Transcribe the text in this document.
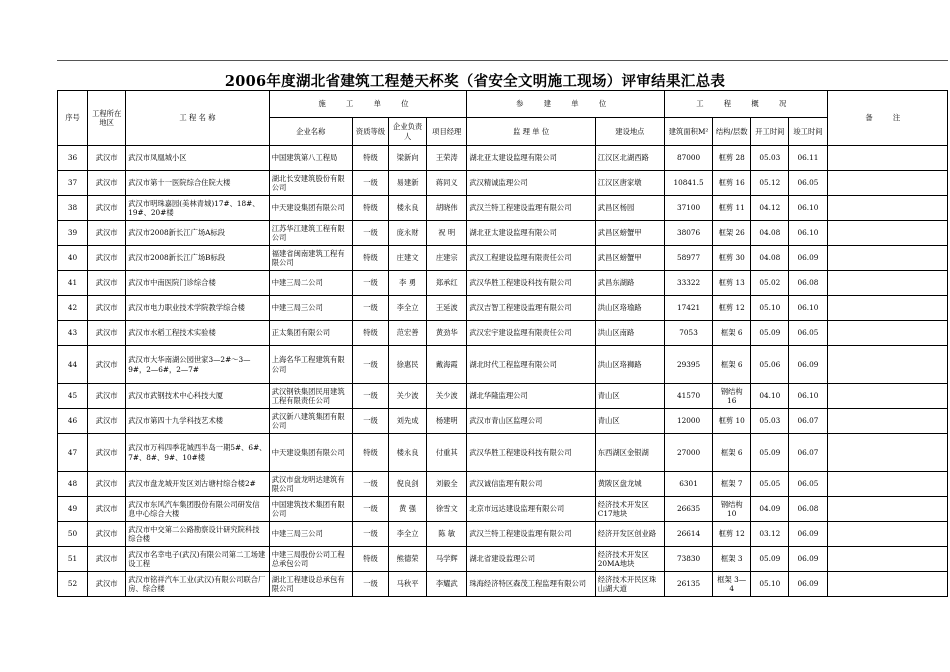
2006年度湖北省建筑工程楚天杯奖（省安全文明施工现场）评审结果汇总表
序号	工程所在地区	工 程 名 称	施 工 单 位				参 建 单 位		工 程 概 况				备 注
			企业名称	资质等级	企业负责人	项目经理	监 理 单 位	建设地点	建筑面积M²	结构/层数	开工时间	竣工时间	
36	武汉市	武汉市凤凰城小区	中国建筑第八工程局	特级	梁新向	王荣涛	湖北亚太建设监理有限公司	江汉区北湖西路	87000	框剪 28	05.03	06.11	
37	武汉市	武汉市第十一医院综合住院大楼	湖北长安建筑股份有限公司	一级	易建新	蒋同义	武汉精诚监理公司	江汉区唐家墩	10841.5	框剪 16	05.12	06.05	
38	武汉市	武汉市明珠嘉园(美林青城)17#、18#、19#、20#楼	中天建设集团有限公司	特级	楼永良	胡晓伟	武汉兰特工程建设监理有限公司	武昌区杨园	37100	框剪 11	04.12	06.10	
39	武汉市	武汉市2008新长江广场A标段	江苏华江建筑工程有限公司	一级	庞永财	祝 明	湖北亚太建设监理有限公司	武昌区螃蟹甲	38076	框架 26	04.08	06.10	
40	武汉市	武汉市2008新长江广场B标段	福建省闽南建筑工程有限公司	特级	庄建文	庄建宗	武汉工程建设监理有限责任公司	武昌区螃蟹甲	58977	框剪 30	04.08	06.09	
41	武汉市	武汉市中南医院门诊综合楼	中建三局二公司	一级	李 勇	郑承红	武汉华胜工程建设科技有限公司	武昌东湖路	33322	框剪 13	05.02	06.08	
42	武汉市	武汉市电力职业技术学院教学综合楼	中建三局三公司	一级	李全立	王延波	武汉吉智工程建设监理有限公司	洪山区珞瑜路	17421	框剪 12	05.10	06.10	
43	武汉市	武汉市水稻工程技术实验楼	正太集团有限公司	特级	范宏善	黄劲华	武汉宏宇建设监理有限责任公司	洪山区南路	7053	框架 6	05.09	06.05	
44	武汉市	武汉市大华南湖公园世家3—2#～3—9#，2—6#，2—7#	上海名华工程建筑有限公司	一级	徐惠民	戴海霞	湖北时代工程监理有限公司	洪山区珞狮路	29395	框架 6	05.06	06.09	
45	武汉市	武汉市武钢技术中心科技大厦	武汉钢铁集团民用建筑工程有限责任公司	一级	关少波	关少波	湖北华隆监理公司	青山区	41570	钢结构 16	04.10	06.10	
46	武汉市	武汉市第四十九学科技艺术楼	武汉新八建筑集团有限公司	一级	刘先成	杨建明	武汉市青山区监理公司	青山区	12000	框剪 10	05.03	06.07	
47	武汉市	武汉市万科四季花城西半岛一期5#、6#、7#、8#、9#、10#楼	中天建设集团有限公司	特级	楼永良	付重其	武汉华胜工程建设科技有限公司	东西湖区金银湖	27000	框架 6	05.09	06.07	
48	武汉市	武汉市盘龙城开发区刘古塘村综合楼2#	武汉市盘龙明达建筑有限公司	一级	倪良剑	刘毅全	武汉诚信监理有限公司	黄陂区盘龙城	6301	框架 7	05.05	06.05	
49	武汉市	武汉市东风汽车集团股份有限公司研发信息中心综合大楼	中国建筑技术集团有限公司	一级	黄 强	徐雪文	北京市远达建设监理有限公司	经济技术开发区C17地块	26635	钢结构 10	04.09	06.08	
50	武汉市	武汉市中交第二公路勘察设计研究院科技综合楼	中建三局三公司	一级	李全立	陈 敏	武汉兰特工程建设监理有限公司	经济开发区创业路	26614	框剪 12	03.12	06.09	
51	武汉市	武汉市名幸电子(武汉)有限公司第二工场建设工程	中建三局股份公司工程总承包公司	特级	熊德荣	马学辉	湖北省建设监理公司	经济技术开发区20MA地块	73830	框架 3	05.09	06.09	
52	武汉市	武汉市铭祥汽车工业(武汉)有限公司联合厂房、综合楼	湖北工程建设总承包有限公司	一级	马秋平	李耀武	珠海经济特区森茂工程监理有限公司	经济技术开民区珠山湖大道	26135	框架 3—4	05.10	06.09	
